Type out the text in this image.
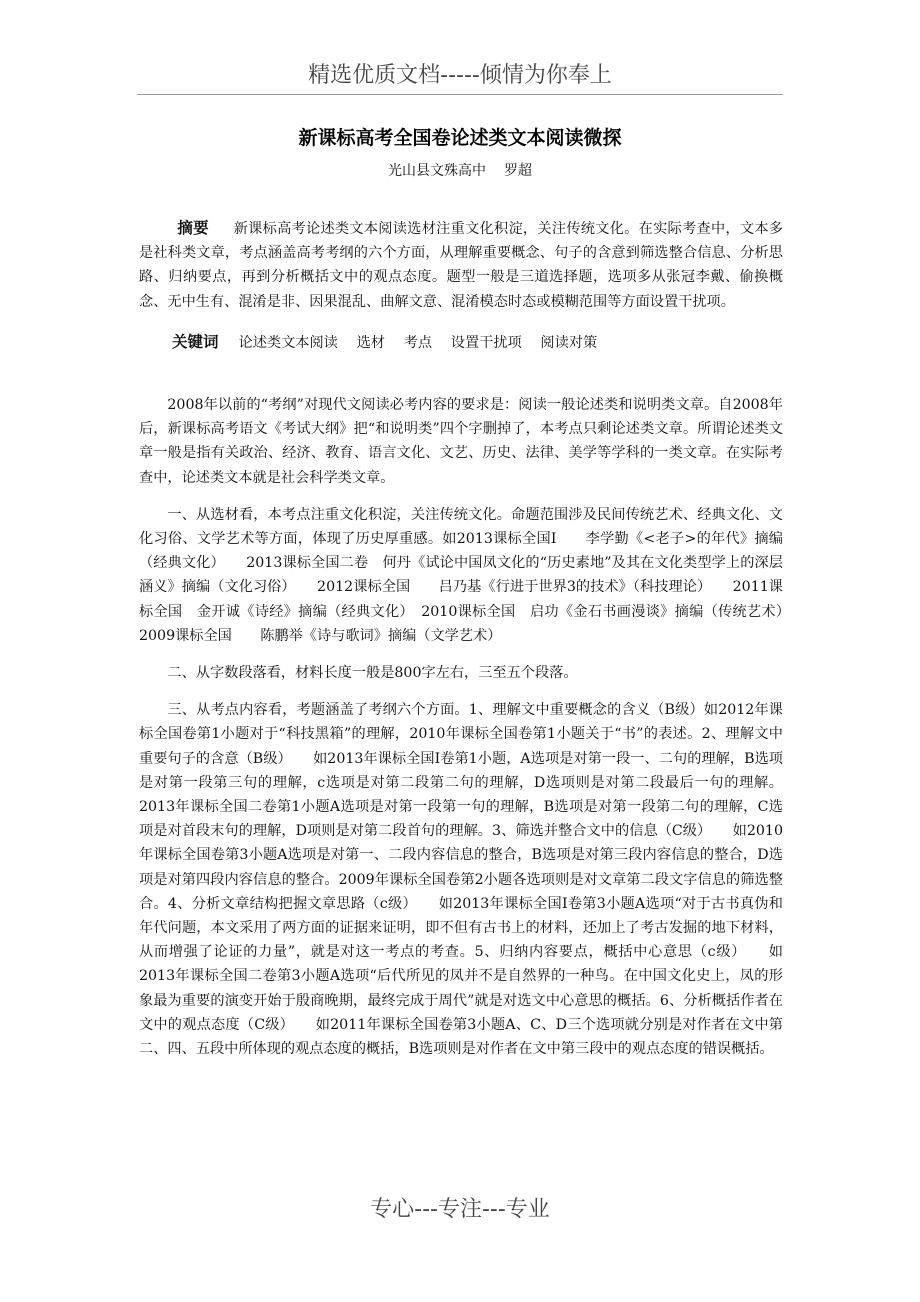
精选优质文档-----倾情为你奉上
新课标高考全国卷论述类文本阅读微探
光山县文殊高中 罗超

摘要 新课标高考论述类文本阅读选材注重文化积淀，关注传统文化。在实际考查中，文本多是社科类文章，考点涵盖高考考纲的六个方面，从理解重要概念、句子的含意到筛选整合信息、分析思路、归纳要点，再到分析概括文中的观点态度。题型一般是三道选择题，选项多从张冠李戴、偷换概念、无中生有、混淆是非、因果混乱、曲解文意、混淆模态时态或模糊范围等方面设置干扰项。

关键词 论述类文本阅读 选材 考点 设置干扰项 阅读对策

2008年以前的“考纲”对现代文阅读必考内容的要求是：阅读一般论述类和说明类文章。自2008年后，新课标高考语文《考试大纲》把“和说明类”四个字删掉了，本考点只剩论述类文章。所谓论述类文章一般是指有关政治、经济、教育、语言文化、文艺、历史、法律、美学等学科的一类文章。在实际考查中，论述类文本就是社会科学类文章。

一、从选材看，本考点注重文化积淀，关注传统文化。命题范围涉及民间传统艺术、经典文化、文化习俗、文学艺术等方面，体现了历史厚重感。如2013课标全国I　　李学勤《<老子>的年代》摘编（经典文化）　　2013课标全国二卷　何丹《试论中国凤文化的“历史素地”及其在文化类型学上的深层涵义》摘编（文化习俗）　　2012课标全国　　吕乃基《行进于世界3的技术》（科技理论）　　2011课标全国　金开诚《诗经》摘编（经典文化）　2010课标全国　启功《金石书画漫谈》摘编（传统艺术）　　2009课标全国　　陈鹏举《诗与歌词》摘编（文学艺术）

二、从字数段落看，材料长度一般是800字左右，三至五个段落。

三、从考点内容看，考题涵盖了考纲六个方面。1、理解文中重要概念的含义（B级）如2012年课标全国卷第1小题对于“科技黑箱”的理解，2010年课标全国卷第1小题关于“书”的表述。2、理解文中重要句子的含意（B级）　　如2013年课标全国I卷第1小题，A选项是对第一段一、二句的理解，B选项是对第一段第三句的理解，c选项是对第二段第二句的理解，D选项则是对第二段最后一句的理解。2013年课标全国二卷第1小题A选项是对第一段第一句的理解，B选项是对第一段第二句的理解，C选项是对首段末句的理解，D项则是对第二段首句的理解。3、筛选并整合文中的信息（C级）　　如2010年课标全国卷第3小题A选项是对第一、二段内容信息的整合，B选项是对第三段内容信息的整合，D选项是对第四段内容信息的整合。2009年课标全国卷第2小题各选项则是对文章第二段文字信息的筛选整合。4、分析文章结构把握文章思路（c级）　　如2013年课标全国I卷第3小题A选项“对于古书真伪和年代问题，本文采用了两方面的证据来证明，即不但有古书上的材料，还加上了考古发掘的地下材料，从而增强了论证的力量”，就是对这一考点的考查。5、归纳内容要点，概括中心意思（c级）　　如2013年课标全国二卷第3小题A选项“后代所见的凤并不是自然界的一种鸟。在中国文化史上，凤的形象最为重要的演变开始于殷商晚期，最终完成于周代”就是对选文中心意思的概括。6、分析概括作者在文中的观点态度（C级）　　如2011年课标全国卷第3小题A、C、D三个选项就分别是对作者在文中第二、四、五段中所体现的观点态度的概括，B选项则是对作者在文中第三段中的观点态度的错误概括。

专心---专注---专业
